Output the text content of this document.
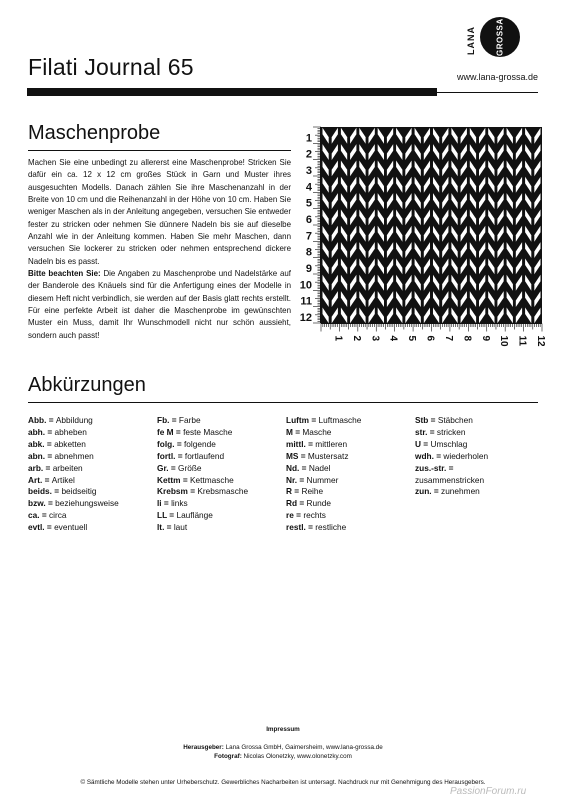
Filati Journal 65	www.lana-grossa.de
LANA	GROSSA
Maschenprobe
Machen Sie eine unbedingt zu allererst eine Maschenprobe! Stricken Sie dafür ein ca. 12 x 12 cm großes Stück in Garn und Muster ihres ausgesuchten Modells. Danach zählen Sie ihre Maschenanzahl in der Breite von 10 cm und die Reihenanzahl in der Höhe von 10 cm. Haben Sie weniger Maschen als in der Anleitung angegeben, versuchen Sie entweder fester zu stricken oder nehmen Sie dünnere Nadeln bis sie auf dieselbe Anzahl wie in der Anleitung kommen. Haben Sie mehr Maschen, dann versuchen Sie lockerer zu stricken oder nehmen entsprechend dickere Nadeln bis es passt.
Bitte beachten Sie: Die Angaben zu Maschenprobe und Nadelstärke auf der Banderole des Knäuels sind für die Anfertigung eines der Modelle in diesem Heft nicht verbindlich, sie werden auf der Basis glatt rechts erstellt. Für eine perfekte Arbeit ist daher die Maschenprobe im gewünschten Muster ein Muss, damit Ihr Wunschmodell nicht nur schön aussieht, sondern auch passt!
1
2
3
4
5
6
7
8
9
10
11
12
1 2 3 4 5 6 7 8 9 10 11 12
Abkürzungen
Abb. = Abbildung
abh. = abheben
abk. = abketten
abn. = abnehmen
arb. = arbeiten
Art. = Artikel
beids. = beidseitig
bzw. = beziehungsweise
ca. = circa
evtl. = eventuell
Fb. = Farbe
fe M = feste Masche
folg. = folgende
fortl. = fortlaufend
Gr. = Größe
Kettm = Kettmasche
Krebsm = Krebsmasche
li = links
LL = Lauflänge
lt. = laut
Luftm = Luftmasche
M = Masche
mittl. = mittleren
MS = Mustersatz
Nd. = Nadel
Nr. = Nummer
R = Reihe
Rd = Runde
re = rechts
restl. = restliche
Stb = Stäbchen
str. = stricken
U = Umschlag
wdh. = wiederholen
zus.-str. =
zusammenstricken
zun. = zunehmen
Impressum
Herausgeber: Lana Grossa GmbH, Gaimersheim, www.lana-grossa.de
Fotograf: Nicolas Olonetzky, www.olonetzky.com
© Sämtliche Modelle stehen unter Urheberschutz. Gewerbliches Nacharbeiten ist untersagt. Nachdruck nur mit Genehmigung des Herausgebers.
PassionForum.ru
